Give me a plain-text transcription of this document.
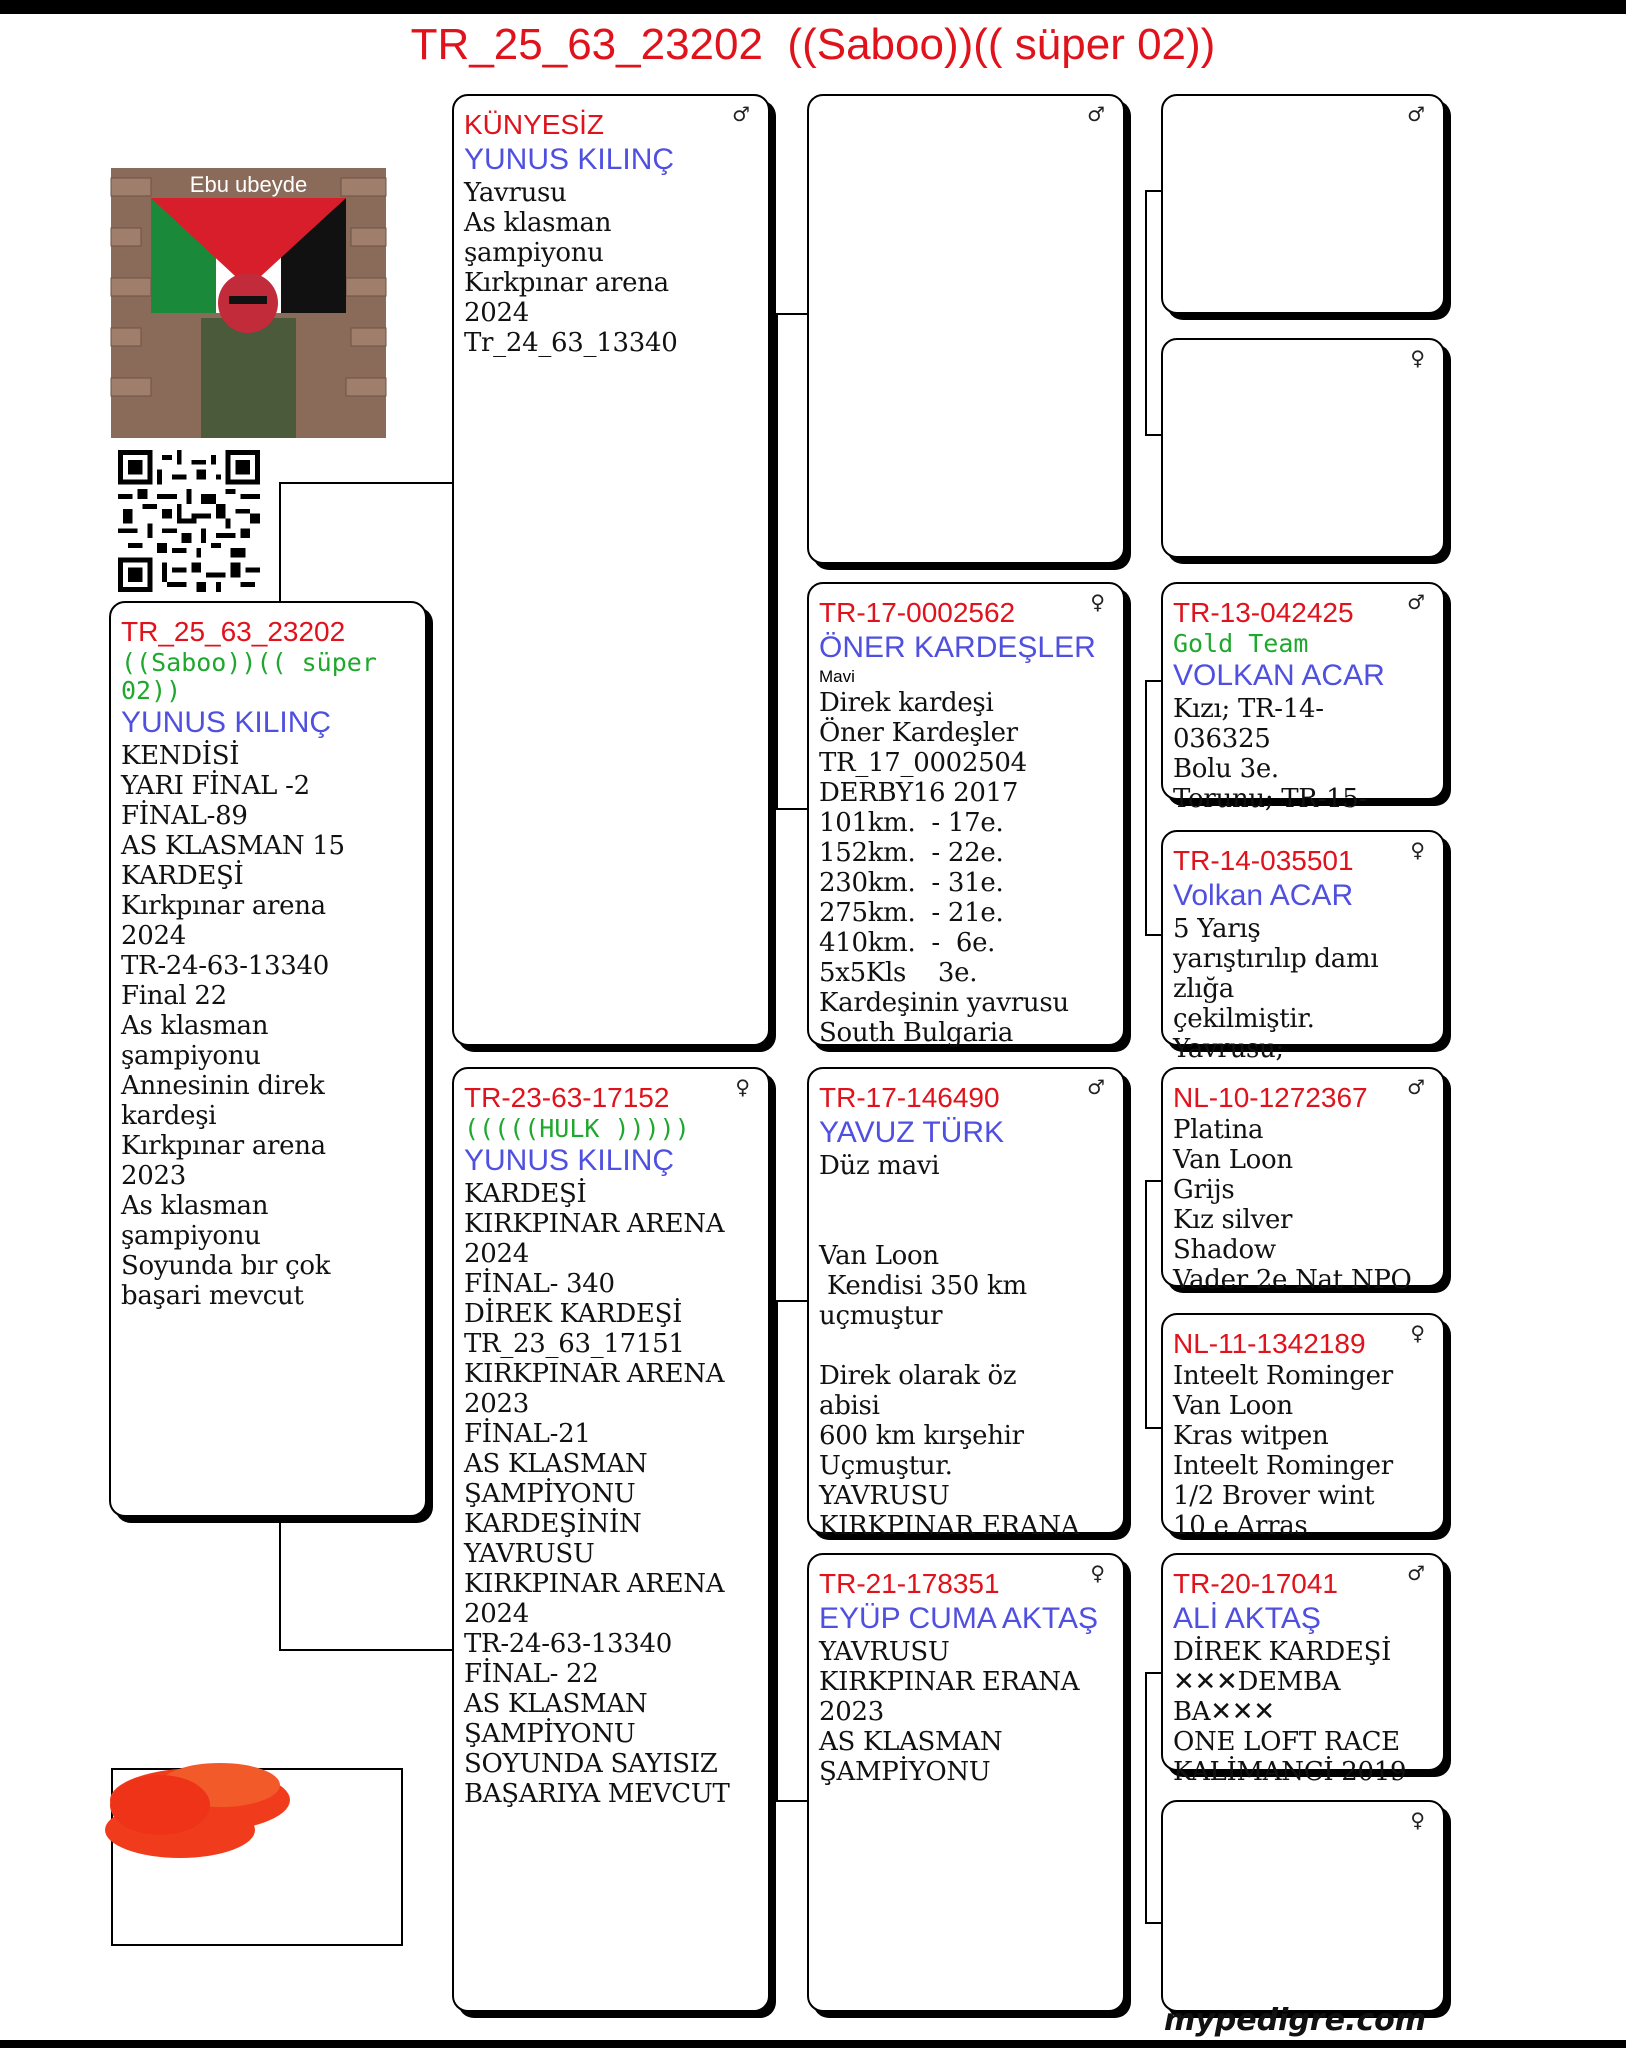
TR_25_63_23202  ((Saboo))(( süper 02))
Ebu ubeyde
TR_25_63_23202
((Saboo))(( süper 02))
YUNUS KILINÇ
KENDİSİ
YARI FİNAL -2
FİNAL-89
AS KLASMAN 15
KARDEŞİ
Kırkpınar arena
2024
TR-24-63-13340
Final 22
As klasman
şampiyonu
Annesinin direk
kardeşi
Kırkpınar arena
2023
As klasman
şampiyonu
Soyunda bır çok
başari mevcut
♂
KÜNYESİZ
YUNUS KILINÇ
Yavrusu
As klasman
şampiyonu
Kırkpınar arena
2024
Tr_24_63_13340
♀
TR-23-63-17152
(((((HULK )))))
YUNUS KILINÇ
KARDEŞİ
KIRKPINAR ARENA
2024
FİNAL- 340
DİREK KARDEŞİ
TR_23_63_17151
KIRKPINAR ARENA
2023
FİNAL-21
AS KLASMAN
ŞAMPİYONU
KARDEŞİNİN YAVRUSU
KIRKPINAR ARENA
2024
TR-24-63-13340
FİNAL- 22
AS KLASMAN
ŞAMPİYONU
SOYUNDA SAYISIZ
BAŞARIYA MEVCUT
♂
♀
TR-17-0002562
ÖNER KARDEŞLER
Mavi
Direk kardeşi
Öner Kardeşler
TR_17_0002504
DERBY16 2017
101km.  - 17e.
152km.  - 22e.
230km.  - 31e.
275km.  - 21e.
410km.  -  6e.
5x5Kls    3e.
Kardeşinin yavrusu
South Bulgaria
♂
TR-17-146490
YAVUZ TÜRK
Düz mavi

Van Loon
Kendisi 350 km
uçmuştur

Direk olarak öz
abisi
600 km kırşehir
Uçmuştur.
YAVRUSU
KIRKPINAR ERANA
♀
TR-21-178351
EYÜP CUMA AKTAŞ
YAVRUSU
KIRKPINAR ERANA
2023
AS KLASMAN
ŞAMPİYONU
♂
♀
♂
TR-13-042425
Gold Team
VOLKAN ACAR
Kızı; TR-14-
036325
Bolu 3e.
Torunu; TR-15-
♀
TR-14-035501
Volkan ACAR
5 Yarış
yarıştırılıp damı
zlığa
çekilmiştir.
Yavrusu;
♂
NL-10-1272367
Platina
Van Loon
Grijs
Kız silver
Shadow
Vader 2e Nat NPO
♀
NL-11-1342189
Inteelt Rominger
Van Loon
Kras witpen
Inteelt Rominger
1/2 Brover wint
10 e Arras
♂
TR-20-17041
ALİ AKTAŞ
DİREK KARDEŞİ
✕✕✕DEMBA
BA✕✕✕
ONE LOFT RACE
KALİMANCİ 2019
♀
mypedigre.com
